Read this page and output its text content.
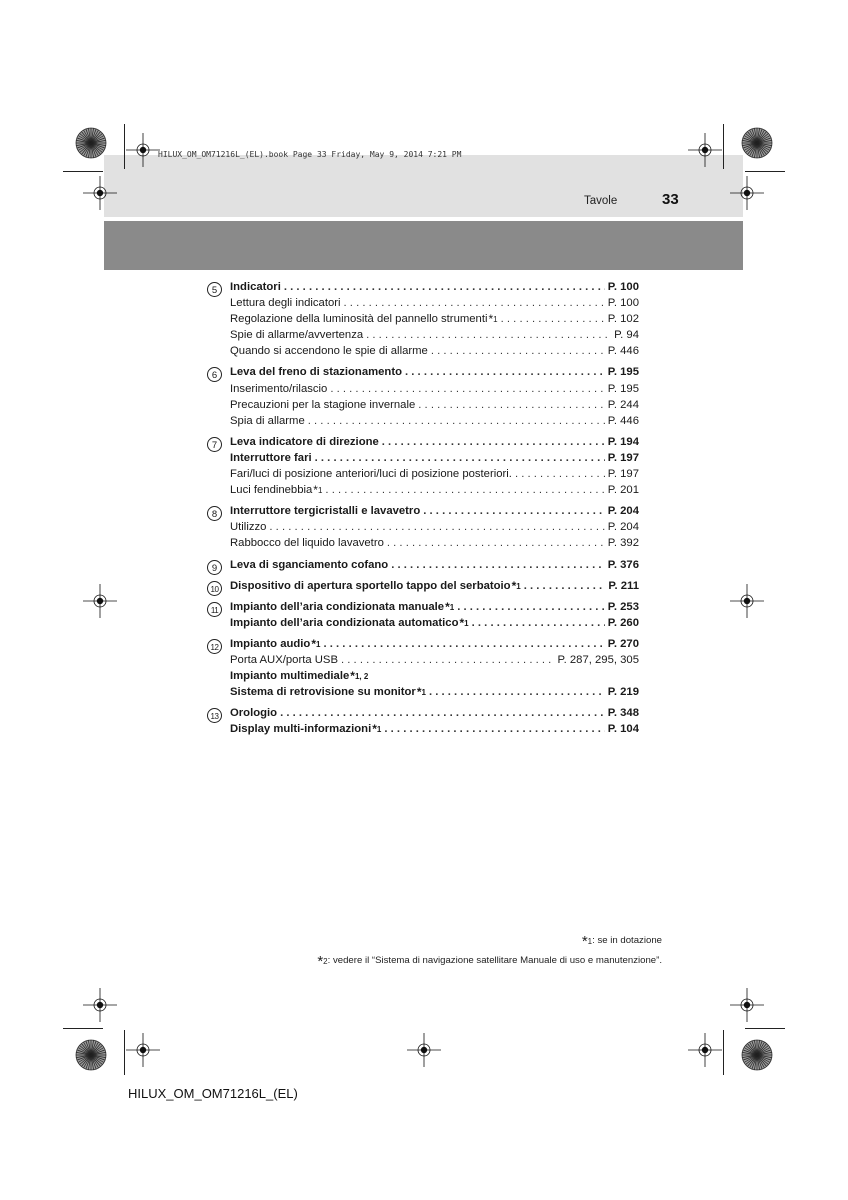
HILUX_OM_OM71216L_(EL).book Page 33 Friday, May 9, 2014 7:21 PM
Tavole	33
5	Indicatori . . .	P. 100
Lettura degli indicatori . . .	P. 100
Regolazione della luminosità del pannello strumenti *1 . . .	P. 102
Spie di allarme/avvertenza . . .	P. 94
Quando si accendono le spie di allarme . . .	P. 446
6	Leva del freno di stazionamento . . .	P. 195
Inserimento/rilascio . . .	P. 195
Precauzioni per la stagione invernale . . .	P. 244
Spia di allarme . . .	P. 446
7	Leva indicatore di direzione . . .	P. 194
Interruttore fari . . .	P. 197
Fari/luci di posizione anteriori/luci di posizione posteriori. . . .	P. 197
Luci fendinebbia *1 . . .	P. 201
8	Interruttore tergicristalli e lavavetro . . .	P. 204
Utilizzo . . .	P. 204
Rabbocco del liquido lavavetro . . .	P. 392
9	Leva di sganciamento cofano . . .	P. 376
10	Dispositivo di apertura sportello tappo del serbatoio *1 . . .	P. 211
11	Impianto dell’aria condizionata manuale *1 . . .	P. 253
Impianto dell’aria condizionata automatico *1 . . .	P. 260
12	Impianto audio *1 . . .	P. 270
Porta AUX/porta USB . . .	P. 287, 295, 305
Impianto multimediale *1, 2
Sistema di retrovisione su monitor *1 . . .	P. 219
13	Orologio . . .	P. 348
Display multi-informazioni *1 . . .	P. 104
*1: se in dotazione
*2: vedere il “Sistema di navigazione satellitare Manuale di uso e manutenzione”.
HILUX_OM_OM71216L_(EL)
